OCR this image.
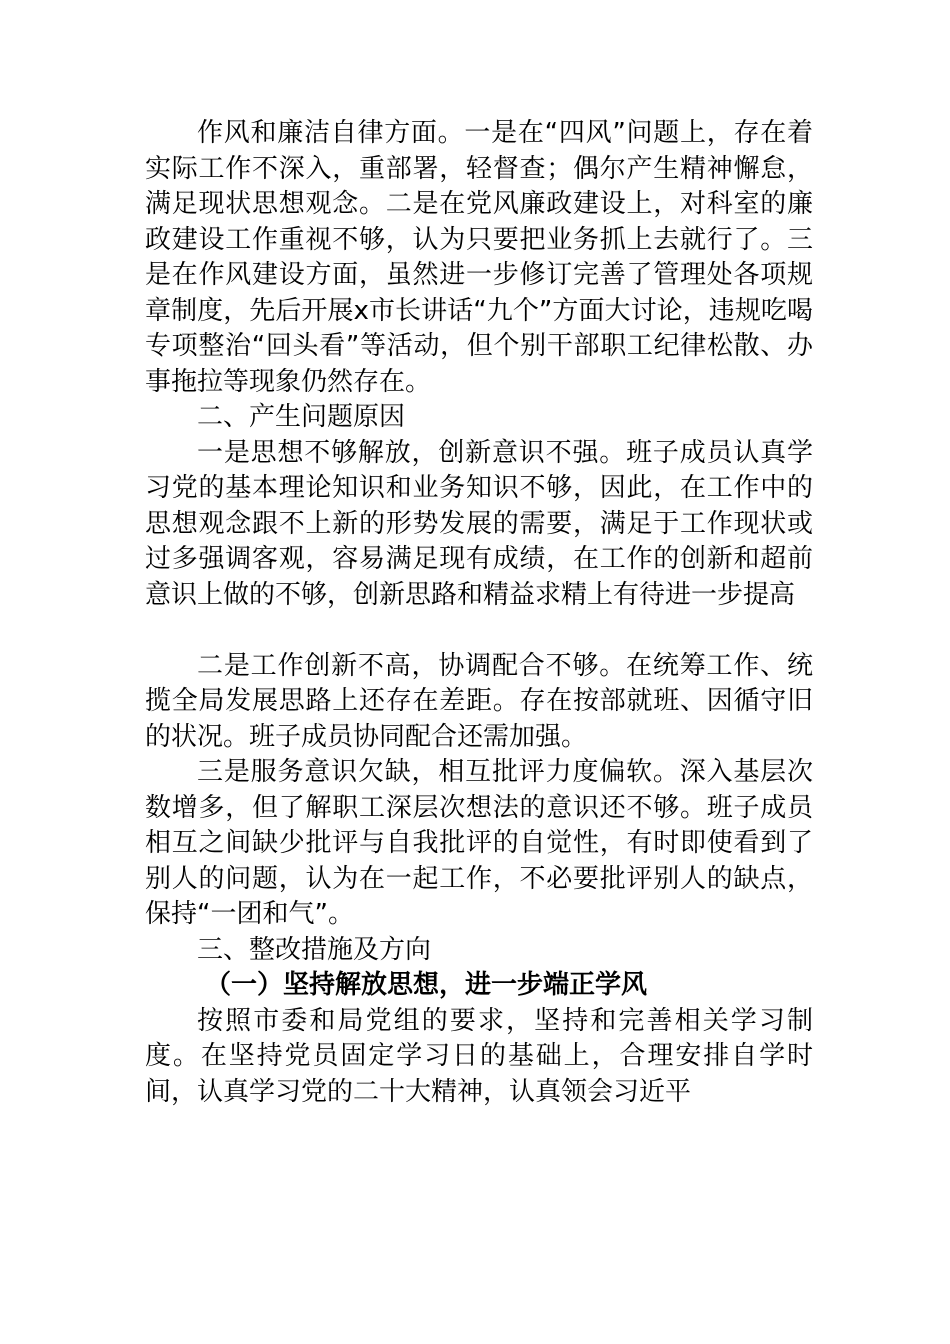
作风和廉洁自律方面。一是在“四风”问题上，存在着实际工作不深入，重部署，轻督查；偶尔产生精神懈怠，满足现状思想观念。二是在党风廉政建设上，对科室的廉政建设工作重视不够，认为只要把业务抓上去就行了。三是在作风建设方面，虽然进一步修订完善了管理处各项规章制度，先后开展x市长讲话“九个”方面大讨论，违规吃喝专项整治“回头看”等活动，但个别干部职工纪律松散、办事拖拉等现象仍然存在。

二、产生问题原因

一是思想不够解放，创新意识不强。班子成员认真学习党的基本理论知识和业务知识不够，因此，在工作中的思想观念跟不上新的形势发展的需要，满足于工作现状或过多强调客观，容易满足现有成绩，在工作的创新和超前意识上做的不够，创新思路和精益求精上有待进一步提高

二是工作创新不高，协调配合不够。在统筹工作、统揽全局发展思路上还存在差距。存在按部就班、因循守旧的状况。班子成员协同配合还需加强。

三是服务意识欠缺，相互批评力度偏软。深入基层次数增多，但了解职工深层次想法的意识还不够。班子成员相互之间缺少批评与自我批评的自觉性，有时即使看到了别人的问题，认为在一起工作，不必要批评别人的缺点，保持“一团和气”。

三、整改措施及方向

（一）坚持解放思想，进一步端正学风

按照市委和局党组的要求，坚持和完善相关学习制度。在坚持党员固定学习日的基础上，合理安排自学时间，认真学习党的二十大精神，认真领会习近平
